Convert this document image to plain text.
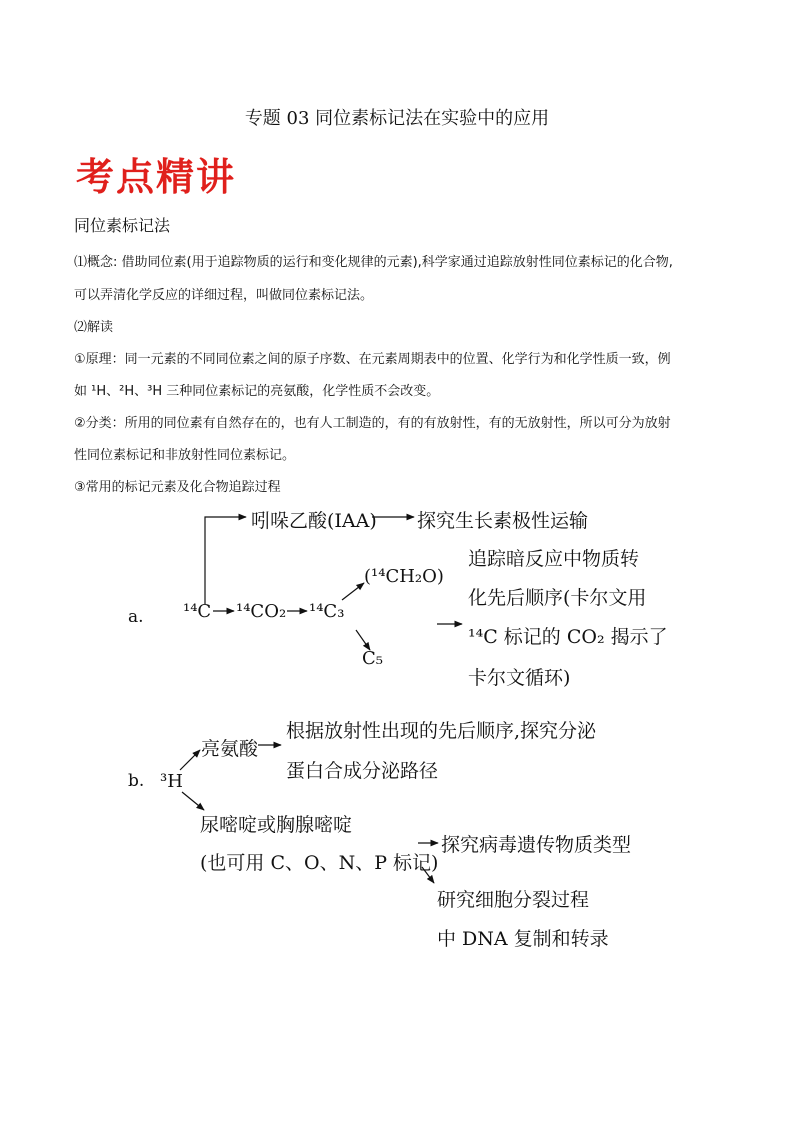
专题 03 同位素标记法在实验中的应用
考点精讲
同位素标记法
⑴概念: 借助同位素(用于追踪物质的运行和变化规律的元素),科学家通过追踪放射性同位素标记的化合物,
可以弄清化学反应的详细过程，叫做同位素标记法。
⑵解读
①原理：同一元素的不同同位素之间的原子序数、在元素周期表中的位置、化学行为和化学性质一致，例
如 ¹H、²H、³H 三种同位素标记的亮氨酸，化学性质不会改变。
②分类：所用的同位素有自然存在的，也有人工制造的，有的有放射性，有的无放射性，所以可分为放射
性同位素标记和非放射性同位素标记。
③常用的标记元素及化合物追踪过程
a.
吲哚乙酸(IAA) 探究生长素极性运输
¹⁴C ¹⁴CO₂ ¹⁴C₃
(¹⁴CH₂O)
C₅
追踪暗反应中物质转
化先后顺序(卡尔文用
¹⁴C 标记的 CO₂ 揭示了
卡尔文循环)
b. ³H
亮氨酸
根据放射性出现的先后顺序,探究分泌
蛋白合成分泌路径
尿嘧啶或胸腺嘧啶
(也可用 C、O、N、P 标记)
探究病毒遗传物质类型
研究细胞分裂过程
中 DNA 复制和转录
